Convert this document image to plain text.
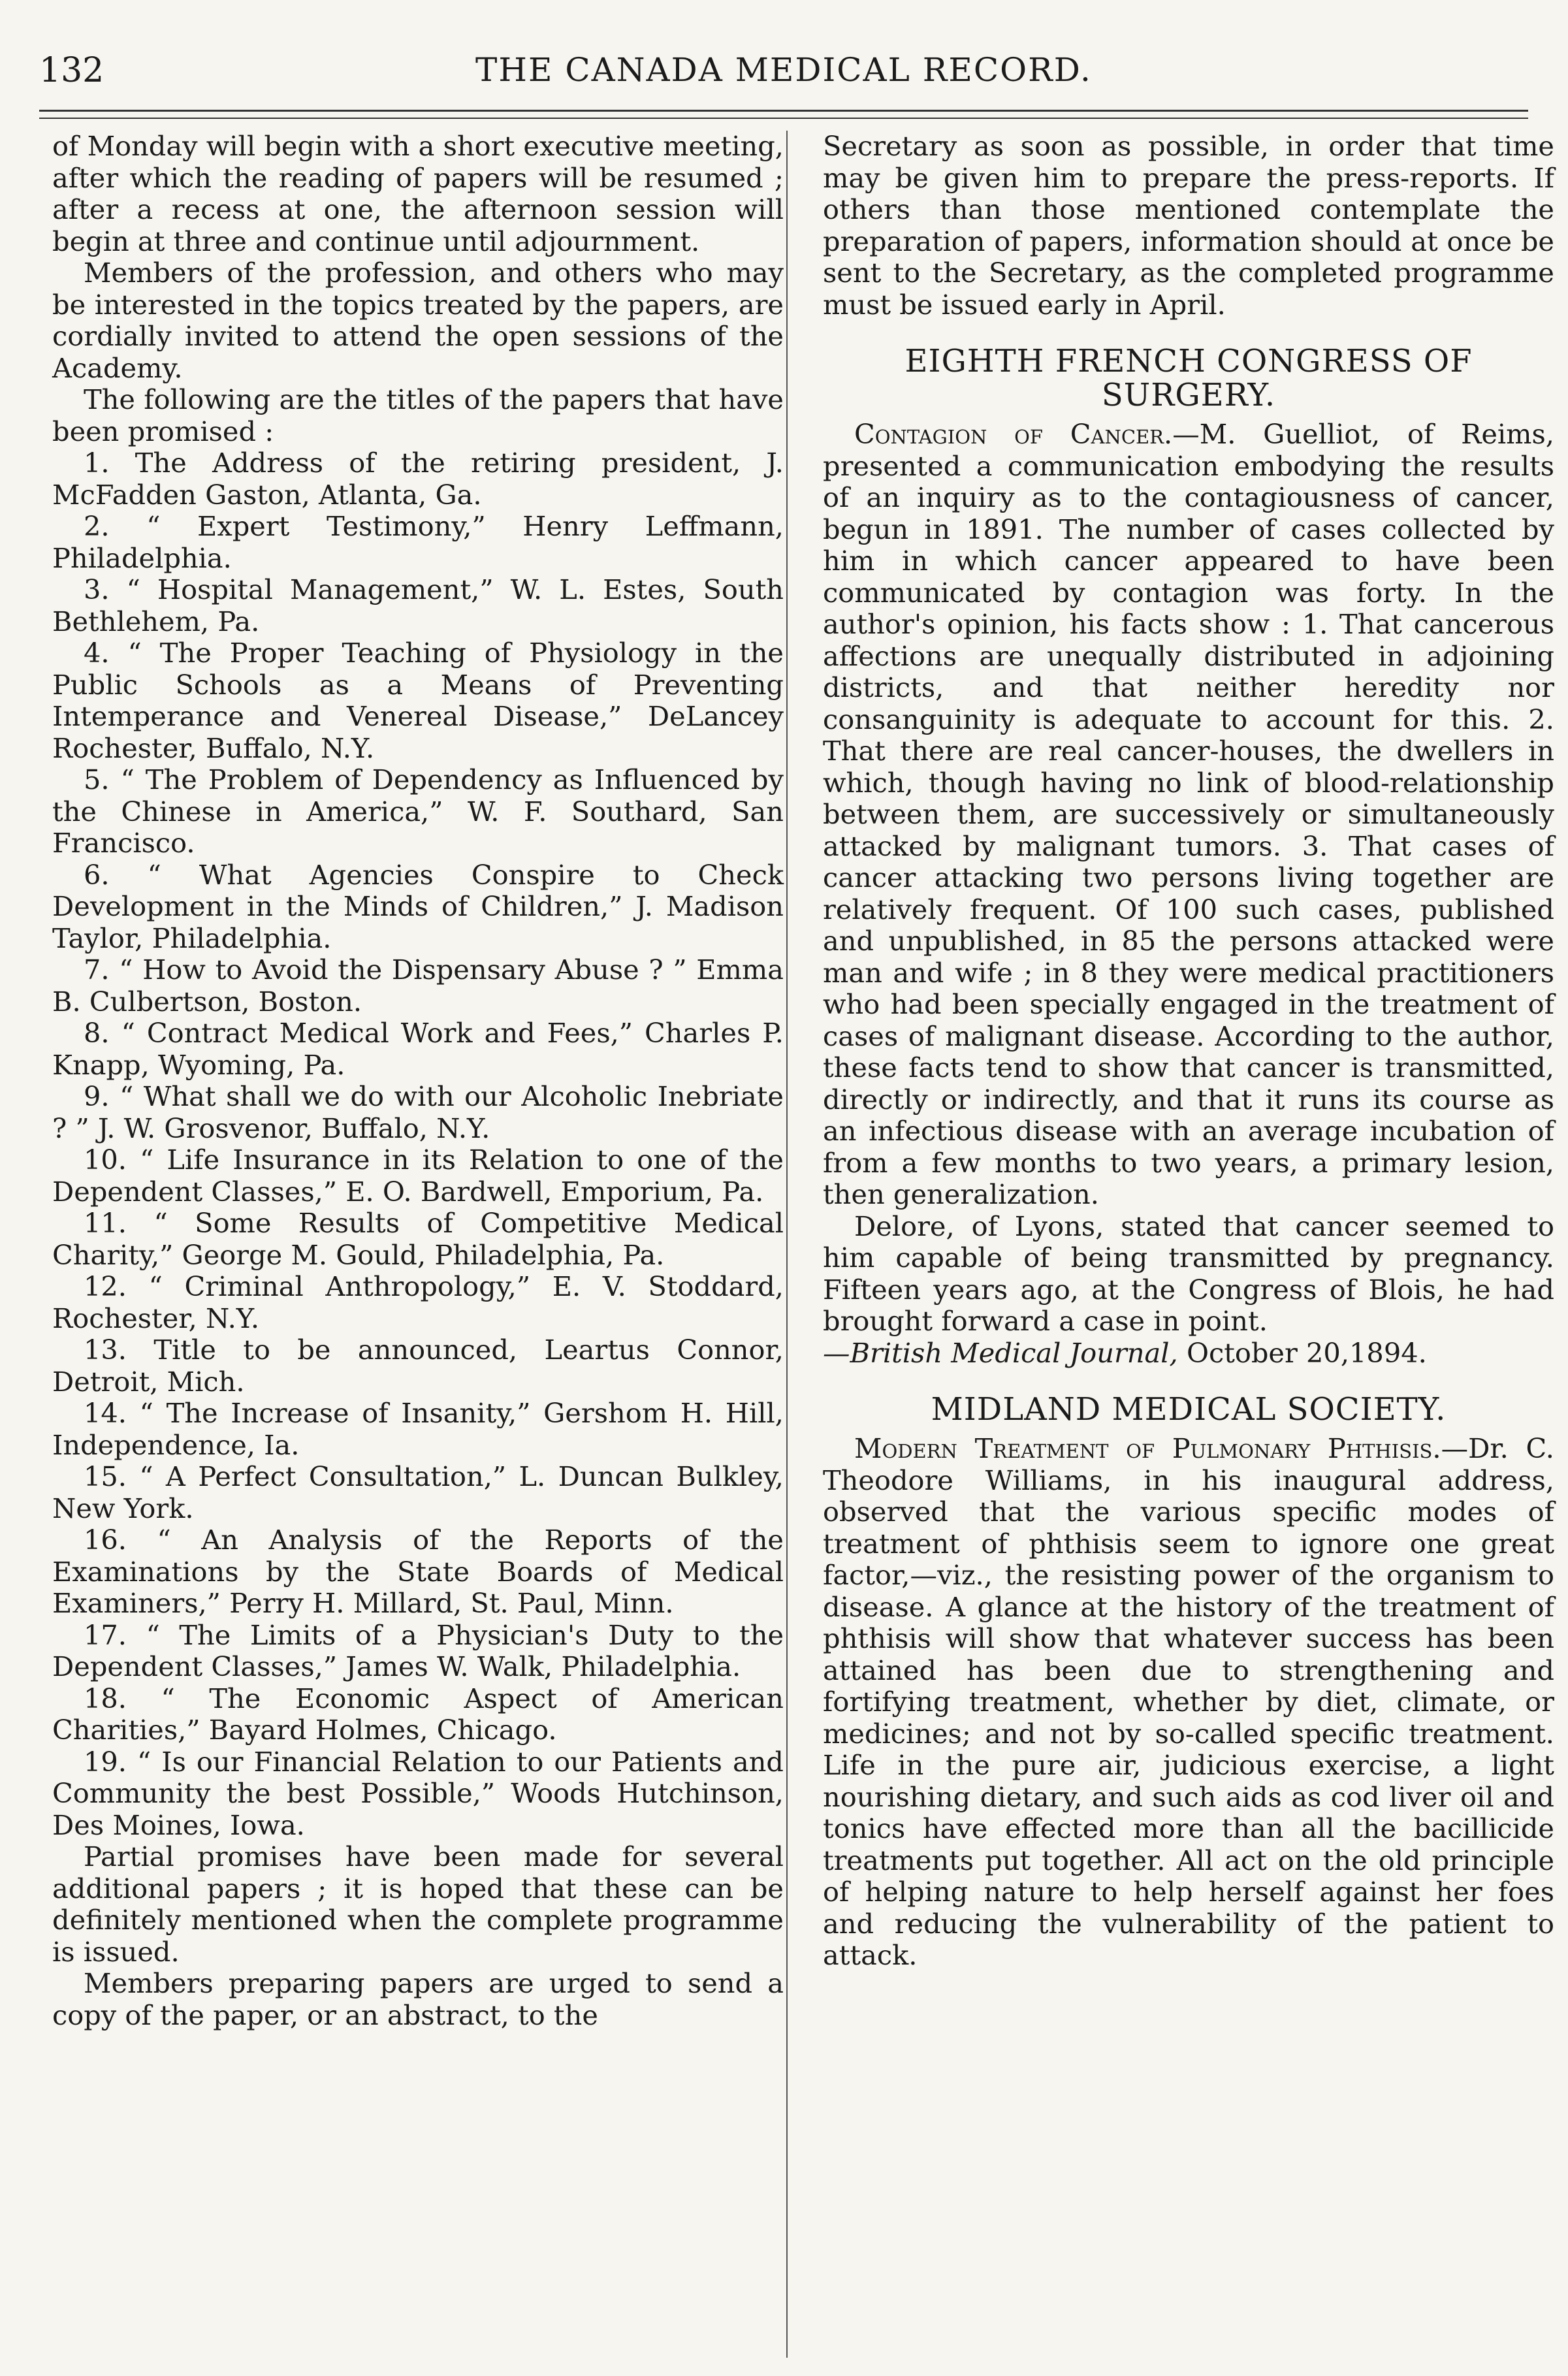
132	THE CANADA MEDICAL RECORD.

of Monday will begin with a short executive meeting, after which the reading of papers will be resumed ; after a recess at one, the afternoon session will begin at three and continue until adjournment.

Members of the profession, and others who may be interested in the topics treated by the papers, are cordially invited to attend the open sessions of the Academy.

The following are the titles of the papers that have been promised :

1. The Address of the retiring president, J. McFadden Gaston, Atlanta, Ga.
2. “ Expert Testimony,” Henry Leffmann, Philadelphia.
3. “ Hospital Management,” W. L. Estes, South Bethlehem, Pa.
4. “ The Proper Teaching of Physiology in the Public Schools as a Means of Preventing Intemperance and Venereal Disease,” DeLancey Rochester, Buffalo, N.Y.
5. “ The Problem of Dependency as Influenced by the Chinese in America,” W. F. Southard, San Francisco.
6. “ What Agencies Conspire to Check Development in the Minds of Children,” J. Madison Taylor, Philadelphia.
7. “ How to Avoid the Dispensary Abuse ? ” Emma B. Culbertson, Boston.
8. “ Contract Medical Work and Fees,” Charles P. Knapp, Wyoming, Pa.
9. “ What shall we do with our Alcoholic Inebriate ? ” J. W. Grosvenor, Buffalo, N.Y.
10. “ Life Insurance in its Relation to one of the Dependent Classes,” E. O. Bardwell, Emporium, Pa.
11. “ Some Results of Competitive Medical Charity,” George M. Gould, Philadelphia, Pa.
12. “ Criminal Anthropology,” E. V. Stoddard, Rochester, N.Y.
13. Title to be announced, Leartus Connor, Detroit, Mich.
14. “ The Increase of Insanity,” Gershom H. Hill, Independence, Ia.
15. “ A Perfect Consultation,” L. Duncan Bulkley, New York.
16. “ An Analysis of the Reports of the Examinations by the State Boards of Medical Examiners,” Perry H. Millard, St. Paul, Minn.
17. “ The Limits of a Physician's Duty to the Dependent Classes,” James W. Walk, Philadelphia.
18. “ The Economic Aspect of American Charities,” Bayard Holmes, Chicago.
19. “ Is our Financial Relation to our Patients and Community the best Possible,” Woods Hutchinson, Des Moines, Iowa.

Partial promises have been made for several additional papers ; it is hoped that these can be definitely mentioned when the complete programme is issued.

Members preparing papers are urged to send a copy of the paper, or an abstract, to the

Secretary as soon as possible, in order that time may be given him to prepare the press-reports. If others than those mentioned contemplate the preparation of papers, information should at once be sent to the Secretary, as the completed programme must be issued early in April.

EIGHTH FRENCH CONGRESS OF SURGERY.

Contagion of Cancer.—M. Guelliot, of Reims, presented a communication embodying the results of an inquiry as to the contagiousness of cancer, begun in 1891. The number of cases collected by him in which cancer appeared to have been communicated by contagion was forty. In the author's opinion, his facts show : 1. That cancerous affections are unequally distributed in adjoining districts, and that neither heredity nor consanguinity is adequate to account for this. 2. That there are real cancer-houses, the dwellers in which, though having no link of blood-relationship between them, are successively or simultaneously attacked by malignant tumors. 3. That cases of cancer attacking two persons living together are relatively frequent. Of 100 such cases, published and unpublished, in 85 the persons attacked were man and wife ; in 8 they were medical practitioners who had been specially engaged in the treatment of cases of malignant disease. According to the author, these facts tend to show that cancer is transmitted, directly or indirectly, and that it runs its course as an infectious disease with an average incubation of from a few months to two years, a primary lesion, then generalization.

Delore, of Lyons, stated that cancer seemed to him capable of being transmitted by pregnancy. Fifteen years ago, at the Congress of Blois, he had brought forward a case in point.
—British Medical Journal, October 20,1894.

MIDLAND MEDICAL SOCIETY.

Modern Treatment of Pulmonary Phthisis.—Dr. C. Theodore Williams, in his inaugural address, observed that the various specific modes of treatment of phthisis seem to ignore one great factor,—viz., the resisting power of the organism to disease. A glance at the history of the treatment of phthisis will show that whatever success has been attained has been due to strengthening and fortifying treatment, whether by diet, climate, or medicines; and not by so-called specific treatment. Life in the pure air, judicious exercise, a light nourishing dietary, and such aids as cod liver oil and tonics have effected more than all the bacillicide treatments put together. All act on the old principle of helping nature to help herself against her foes and reducing the vulnerability of the patient to attack.
